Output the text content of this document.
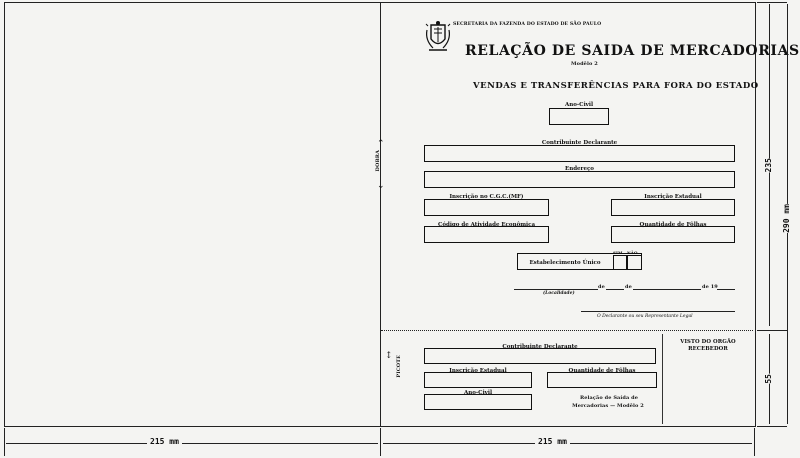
DOBRA
⌃
⌄
PICOTE
↕
SECRETARIA DA FAZENDA DO ESTADO DE SÃO PAULO
RELAÇÃO DE SAIDA DE MERCADORIAS
Modêlo 2
VENDAS E TRANSFERÊNCIAS PARA FORA DO ESTADO
Ano-Civil
Contribuinte Declarante
Endereço
Inscrição no C.G.C.(MF)	Inscrição Estadual
Código de Atividade Econômica	Quantidade de Fôlhas
Estabelecimento Único
SIM NÃO
(Localidade)
de	de	de 19
O Declarante ou seu Representante Legal
Contribuinte Declarante
Inscrição Estadual	Quantidade de Fôlhas
Ano-Civil
Relação de Saída de
Mercadorias — Modêlo 2
VISTO DO ORGÃO
RECEBEDOR
235
55
290 mm
215 mm	215 mm
